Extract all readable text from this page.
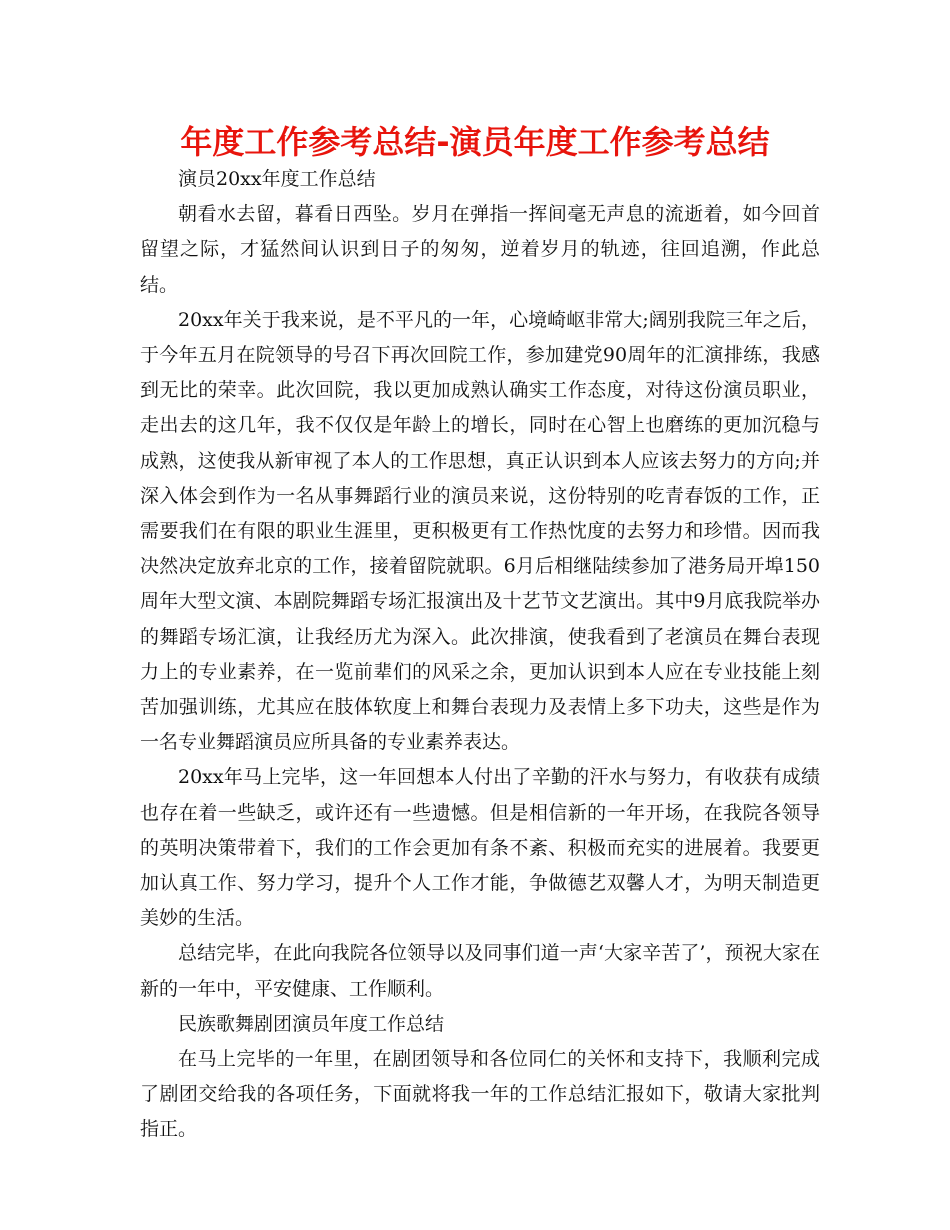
年度工作参考总结-演员年度工作参考总结

演员20xx年度工作总结

朝看水去留，暮看日西坠。岁月在弹指一挥间毫无声息的流逝着，如今回首留望之际，才猛然间认识到日子的匆匆，逆着岁月的轨迹，往回追溯，作此总结。

20xx年关于我来说，是不平凡的一年，心境崎岖非常大;阔别我院三年之后，于今年五月在院领导的号召下再次回院工作，参加建党90周年的汇演排练，我感到无比的荣幸。此次回院，我以更加成熟认确实工作态度，对待这份演员职业，走出去的这几年，我不仅仅是年龄上的增长，同时在心智上也磨练的更加沉稳与成熟，这使我从新审视了本人的工作思想，真正认识到本人应该去努力的方向;并深入体会到作为一名从事舞蹈行业的演员来说，这份特别的吃青春饭的工作，正需要我们在有限的职业生涯里，更积极更有工作热忱度的去努力和珍惜。因而我决然决定放弃北京的工作，接着留院就职。6月后相继陆续参加了港务局开埠150周年大型文演、本剧院舞蹈专场汇报演出及十艺节文艺演出。其中9月底我院举办的舞蹈专场汇演，让我经历尤为深入。此次排演，使我看到了老演员在舞台表现力上的专业素养，在一览前辈们的风采之余，更加认识到本人应在专业技能上刻苦加强训练，尤其应在肢体软度上和舞台表现力及表情上多下功夫，这些是作为一名专业舞蹈演员应所具备的专业素养表达。

20xx年马上完毕，这一年回想本人付出了辛勤的汗水与努力，有收获有成绩也存在着一些缺乏，或许还有一些遗憾。但是相信新的一年开场，在我院各领导的英明决策带着下，我们的工作会更加有条不紊、积极而充实的进展着。我要更加认真工作、努力学习，提升个人工作才能，争做德艺双馨人才，为明天制造更美妙的生活。

总结完毕，在此向我院各位领导以及同事们道一声‘大家辛苦了’，预祝大家在新的一年中，平安健康、工作顺利。

民族歌舞剧团演员年度工作总结

在马上完毕的一年里，在剧团领导和各位同仁的关怀和支持下，我顺利完成了剧团交给我的各项任务，下面就将我一年的工作总结汇报如下，敬请大家批判指正。
